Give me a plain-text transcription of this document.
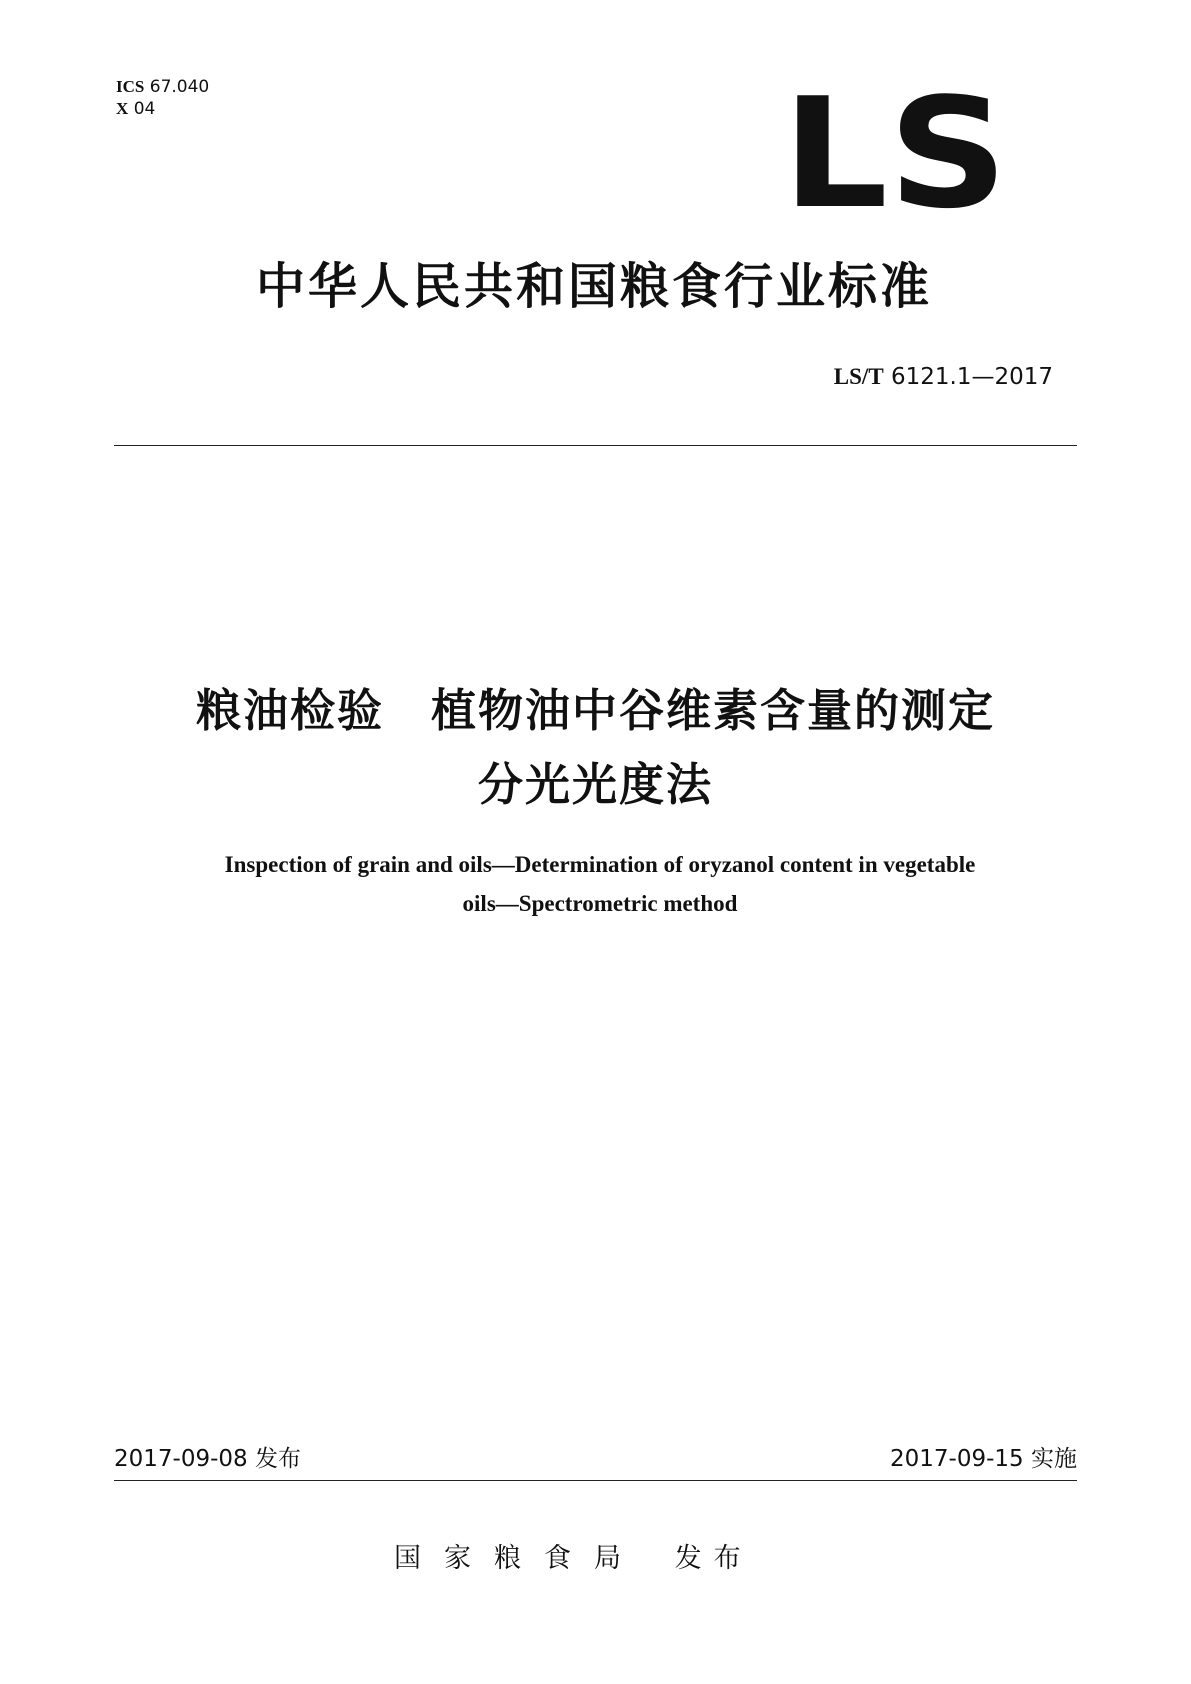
ICS 67.040
X 04	LS
中华人民共和国粮食行业标准
LS/T 6121.1—2017
粮油检验　植物油中谷维素含量的测定
分光光度法
Inspection of grain and oils—Determination of oryzanol content in vegetable
oils—Spectrometric method
2017-09-08 发布	2017-09-15 实施
国家粮食局 发布
